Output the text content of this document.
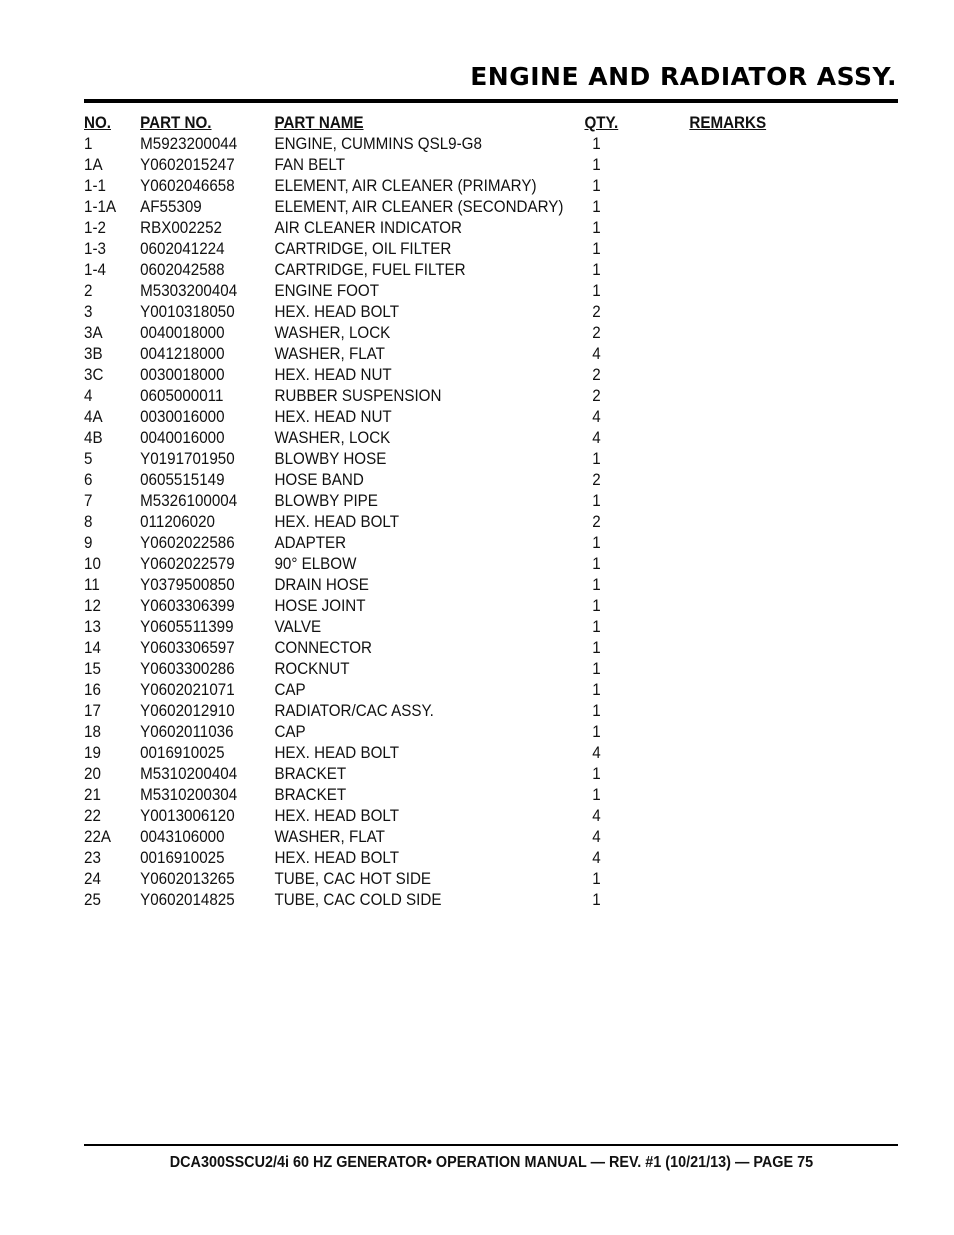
ENGINE AND RADIATOR ASSY.
NO. PART NO.	PART NAME	QTY.	REMARKS
1	M5923200044 ENGINE, CUMMINS QSL9-G8	1
1A Y0602015247 FAN BELT	1
1-1 Y0602046658 ELEMENT, AIR CLEANER (PRIMARY)	1
1-1A AF55309	ELEMENT, AIR CLEANER (SECONDARY)	1
1-2 RBX002252	AIR CLEANER INDICATOR	1
1-3 0602041224	CARTRIDGE, OIL FILTER	1
1-4 0602042588	CARTRIDGE, FUEL FILTER	1
2	M5303200404 ENGINE FOOT	1
3	Y0010318050 HEX. HEAD BOLT	2
3A 0040018000	WASHER, LOCK	2
3B 0041218000	WASHER, FLAT	4
3C 0030018000	HEX. HEAD NUT	2
4	0605000011	RUBBER SUSPENSION	2
4A 0030016000	HEX. HEAD NUT	4
4B 0040016000	WASHER, LOCK	4
5	Y0191701950 BLOWBY HOSE	1
6	0605515149	HOSE BAND	2
7	M5326100004 BLOWBY PIPE	1
8	011206020	HEX. HEAD BOLT	2
9	Y0602022586 ADAPTER	1
10 Y0602022579 90° ELBOW	1
11 Y0379500850 DRAIN HOSE	1
12 Y0603306399 HOSE JOINT	1
13 Y0605511399 VALVE	1
14 Y0603306597 CONNECTOR	1
15 Y0603300286 ROCKNUT	1
16 Y0602021071 CAP	1
17 Y0602012910 RADIATOR/CAC ASSY.	1
18 Y0602011036 CAP	1
19 0016910025	HEX. HEAD BOLT	4
20 M5310200404 BRACKET	1
21 M5310200304 BRACKET	1
22 Y0013006120 HEX. HEAD BOLT	4
22A 0043106000	WASHER, FLAT	4
23 0016910025	HEX. HEAD BOLT	4
24 Y0602013265 TUBE, CAC HOT SIDE	1
25 Y0602014825 TUBE, CAC COLD SIDE	1
DCA300SSCU2/4i 60 HZ GENERATOR• OPERATION MANUAL — REV. #1 (10/21/13) — PAGE 75
